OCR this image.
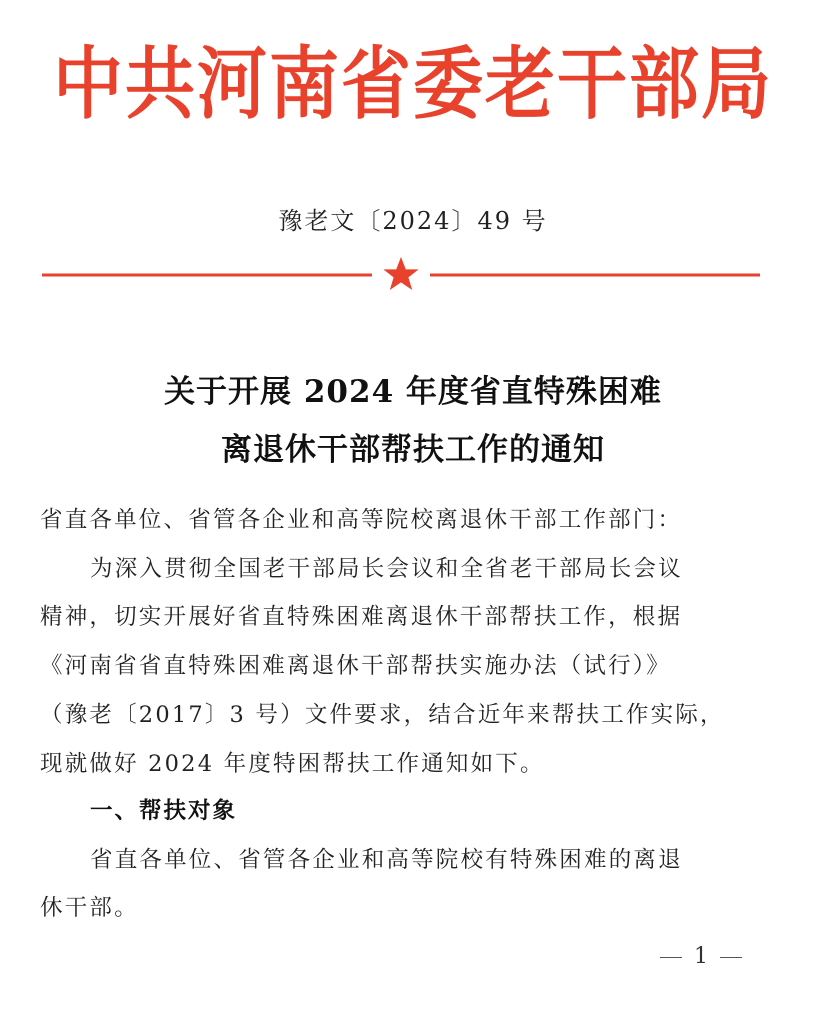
中共河南省委老干部局
豫老文〔2024〕49 号
关于开展 2024 年度省直特殊困难
离退休干部帮扶工作的通知
省直各单位、省管各企业和高等院校离退休干部工作部门：
为深入贯彻全国老干部局长会议和全省老干部局长会议
精神，切实开展好省直特殊困难离退休干部帮扶工作，根据
《河南省省直特殊困难离退休干部帮扶实施办法（试行）》
（豫老〔2017〕3 号）文件要求，结合近年来帮扶工作实际，
现就做好 2024 年度特困帮扶工作通知如下。
一、帮扶对象
省直各单位、省管各企业和高等院校有特殊困难的离退
休干部。
1
